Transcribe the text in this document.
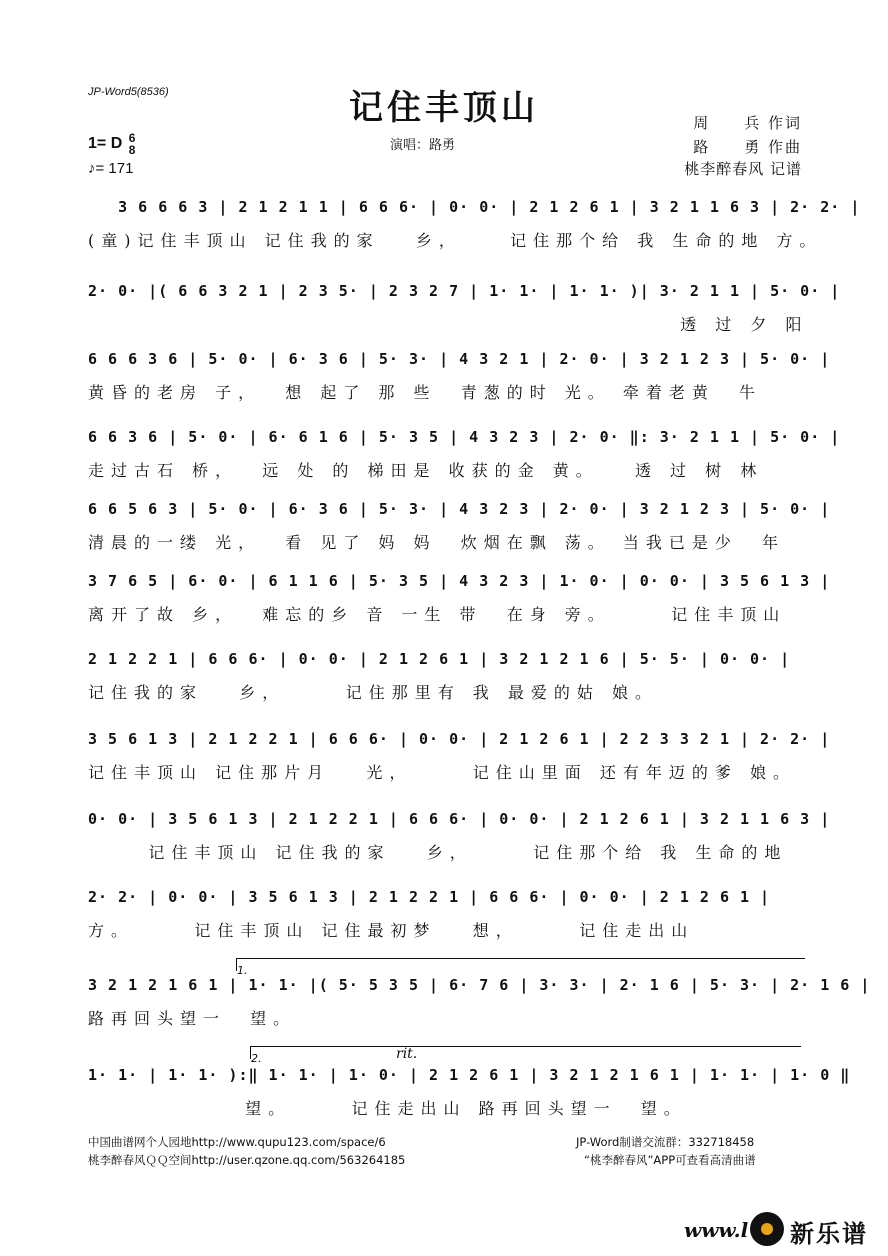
JP-Word5(8536)	记住丰顶山
演唱：路勇
1= D 6
8
♪= 171
周　　兵 作词
路　　勇 作曲
桃李醉春风 记谱
3 6 6 6 3 | 2 1 2 1 1 | 6 6 6· | 0· 0· | 2 1 2 6 1 | 3 2 1 1 6 3 | 2· 2· |
(童)记住丰顶山 记住我的家   乡，    记住那个给 我 生命的地 方。
2· 0· |( 6 6 3 2 1 | 2 3 5· | 2 3 2 7 | 1· 1· | 1· 1· )| 3· 2 1 1 | 5· 0· |
透 过 夕 阳
6 6 6 3 6 | 5· 0· | 6· 3 6 | 5· 3· | 4 3 2 1 | 2· 0· | 3 2 1 2 3 | 5· 0· |
黄昏的老房 子，  想 起了 那 些  青葱的时 光。 牵着老黄  牛
6 6 3 6 | 5· 0· | 6· 6 1 6 | 5· 3 5 | 4 3 2 3 | 2· 0· ‖: 3· 2 1 1 | 5· 0· |
走过古石 桥，  远 处 的 梯田是 收获的金 黄。   透 过 树 林
6 6 5 6 3 | 5· 0· | 6· 3 6 | 5· 3· | 4 3 2 3 | 2· 0· | 3 2 1 2 3 | 5· 0· |
清晨的一缕 光，  看 见了 妈 妈  炊烟在飘 荡。 当我已是少  年
3 7 6 5 | 6· 0· | 6 1 1 6 | 5· 3 5 | 4 3 2 3 | 1· 0· | 0· 0· | 3 5 6 1 3 |
离开了故 乡，  难忘的乡 音 一生 带  在身 旁。     记住丰顶山
2 1 2 2 1 | 6 6 6· | 0· 0· | 2 1 2 6 1 | 3 2 1 2 1 6 | 5· 5· | 0· 0· |
记住我的家   乡，     记住那里有 我 最爱的姑 娘。
3 5 6 1 3 | 2 1 2 2 1 | 6 6 6· | 0· 0· | 2 1 2 6 1 | 2 2 3 3 2 1 | 2· 2· |
记住丰顶山 记住那片月   光，     记住山里面 还有年迈的爹 娘。
0· 0· | 3 5 6 1 3 | 2 1 2 2 1 | 6 6 6· | 0· 0· | 2 1 2 6 1 | 3 2 1 1 6 3 |
记住丰顶山 记住我的家   乡，     记住那个给 我 生命的地
2· 2· | 0· 0· | 3 5 6 1 3 | 2 1 2 2 1 | 6 6 6· | 0· 0· | 2 1 2 6 1 |
方。     记住丰顶山 记住最初梦   想，     记住走出山
3 2 1 2 1 6 1 | 1· 1· |( 5· 5 3 5 | 6· 7 6 | 3· 3· | 2· 1 6 | 5· 3· | 2· 1 6 |
路再回头望一  望。
1· 1· | 1· 1· ):‖ 1· 1· | 1· 0· | 2 1 2 6 1 | 3 2 1 2 1 6 1 | 1· 1· | 1· 0 ‖
望。     记住走出山 路再回头望一  望。
1.
2.	rit.
中国曲谱网个人园地http://www.qupu123.com/space/6
桃李醉春风ＱＱ空间http://user.qzone.qq.com/563264185
JP-Word制谱交流群：332718458
“桃李醉春风”APP可查看高清曲谱
www.l 新乐谱
